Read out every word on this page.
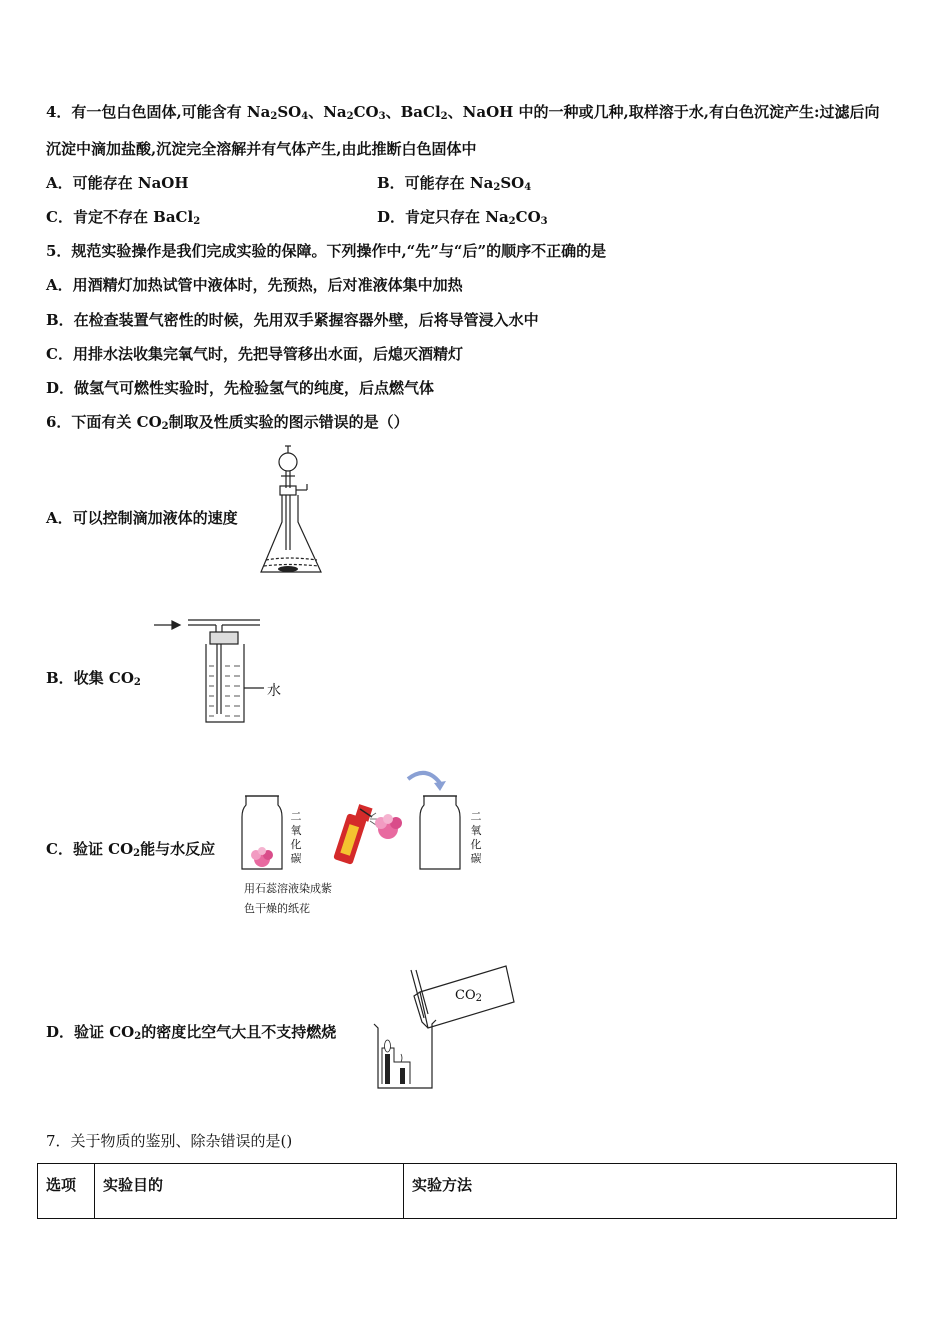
4．有一包白色固体,可能含有 $Na_2SO_4$、$Na_2CO_3$、BaCl$_2$、NaOH 中的一种或几种,取样溶于水,有白色沉淀产生:过滤后向
沉淀中滴加盐酸,沉淀完全溶解并有气体产生,由此推断白色固体中
A．可能存在 NaOH	B．可能存在 $Na_2SO_4$
C．肯定不存在 BaCl$_2$	D．肯定只存在 $Na_2CO_3$
5．规范实验操作是我们完成实验的保障。下列操作中,“先”与“后”的顺序不正确的是
A．用酒精灯加热试管中液体时，先预热，后对准液体集中加热
B．在检查装置气密性的时候，先用双手紧握容器外壁，后将导管浸入水中
C．用排水法收集完氧气时，先把导管移出水面，后熄灭酒精灯
D．做氢气可燃性实验时，先检验氢气的纯度，后点燃气体
6．下面有关 $CO_2$制取及性质实验的图示错误的是（）
A．可以控制滴加液体的速度
B．收集 $CO_2$
水
C．验证 $CO_2$能与水反应
二
氧
化
碳
二
氧
化
碳
用石蕊溶液染成紫
色干燥的纸花
D．验证 $CO_2$的密度比空气大且不支持燃烧
$CO_2$
7．关于物质的鉴别、除杂错误的是()
选项	实验目的	实验方法
